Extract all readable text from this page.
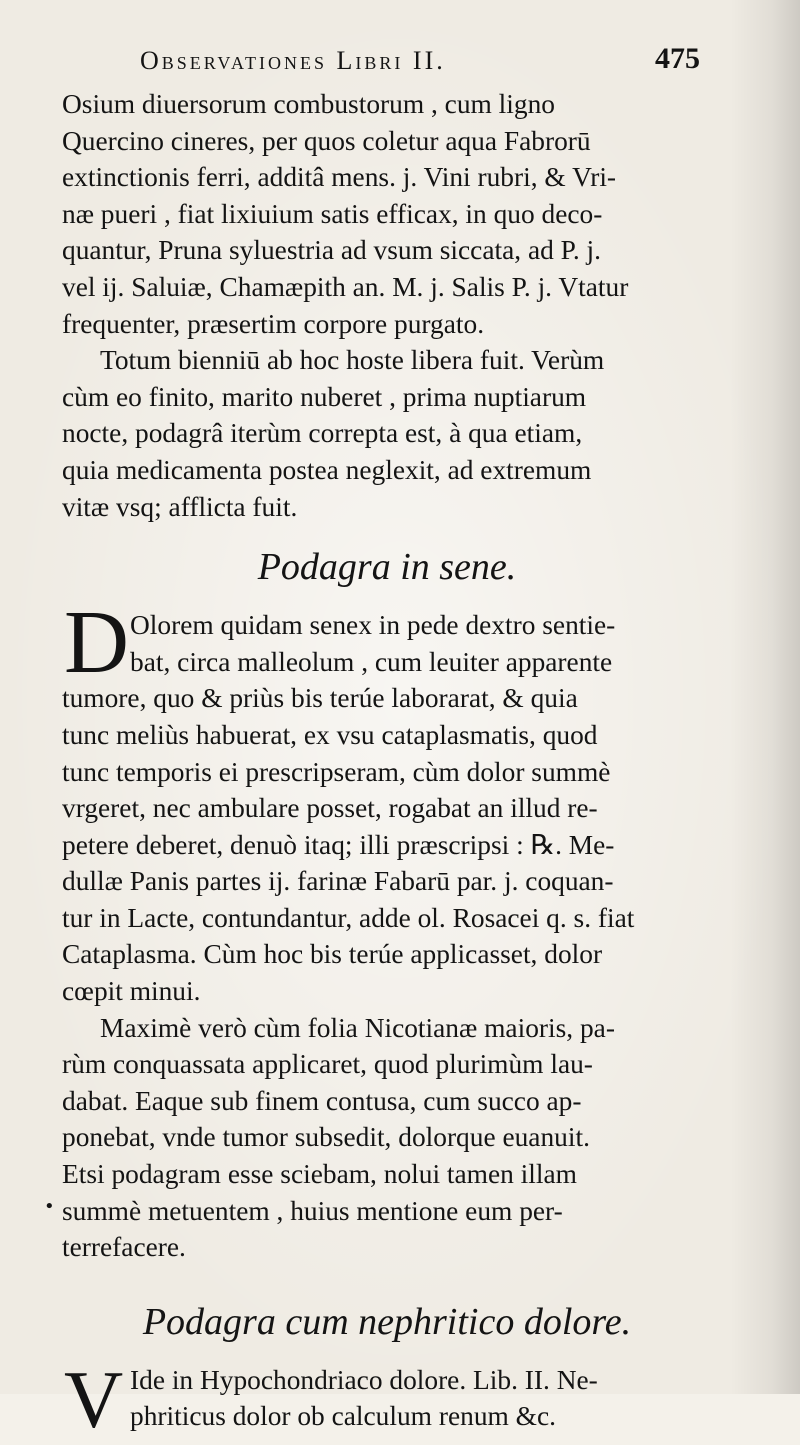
Observationes Libri II.	475
Osium diuersorum combustorum , cum ligno
Quercino cineres, per quos coletur aqua Fabrorū
extinctionis ferri, additâ mens. j. Vini rubri, & Vri-
næ pueri , fiat lixiuium satis efficax, in quo deco-
quantur, Pruna syluestria ad vsum siccata, ad P. j.
vel ij. Saluiæ, Chamæpith an. M. j. Salis P. j. Vtatur
frequenter, præsertim corpore purgato.
Totum bienniū ab hoc hoste libera fuit. Verùm
cùm eo finito, marito nuberet , prima nuptiarum
nocte, podagrâ iterùm correpta est, à qua etiam,
quia medicamenta postea neglexit, ad extremum
vitæ vsq; afflicta fuit.
Podagra in sene.
D Olorem quidam senex in pede dextro sentie-
bat, circa malleolum , cum leuiter apparente
tumore, quo & priùs bis terúe laborarat, & quia
tunc meliùs habuerat, ex vsu cataplasmatis, quod
tunc temporis ei prescripseram, cùm dolor summè
vrgeret, nec ambulare posset, rogabat an illud re-
petere deberet, denuò itaq; illi præscripsi : ℞. Me-
dullæ Panis partes ij. farinæ Fabarū par. j. coquan-
tur in Lacte, contundantur, adde ol. Rosacei q. s. fiat
Cataplasma. Cùm hoc bis terúe applicasset, dolor
cœpit minui.
Maximè verò cùm folia Nicotianæ maioris, pa-
rùm conquassata applicaret, quod plurimùm lau-
dabat. Eaque sub finem contusa, cum succo ap-
ponebat, vnde tumor subsedit, dolorque euanuit.
Etsi podagram esse sciebam, nolui tamen illam
summè metuentem , huius mentione eum per-
terrefacere.
Podagra cum nephritico dolore.
V Ide in Hypochondriaco dolore. Lib. II. Ne-
phriticus dolor ob calculum renum &c.
•
